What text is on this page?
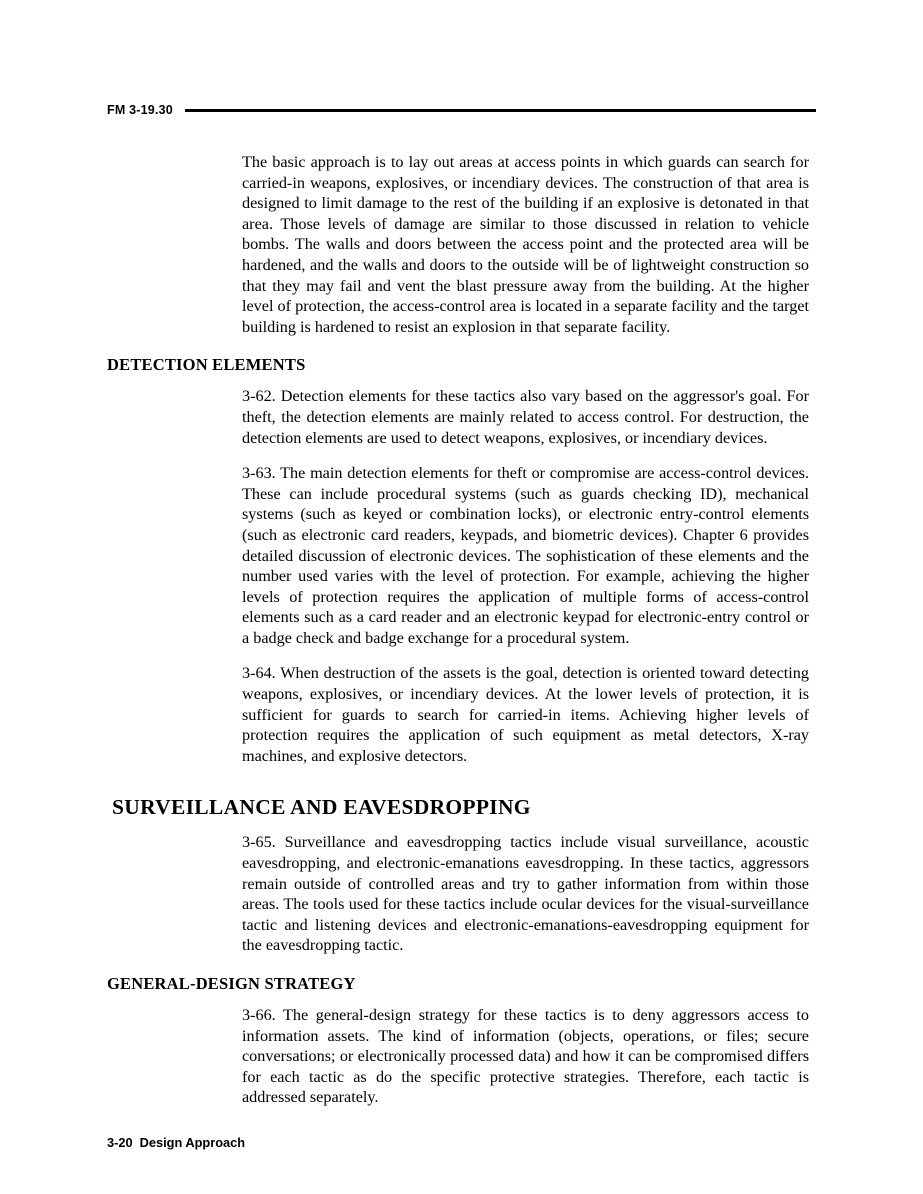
FM 3-19.30

The basic approach is to lay out areas at access points in which guards can search for carried-in weapons, explosives, or incendiary devices. The construction of that area is designed to limit damage to the rest of the building if an explosive is detonated in that area. Those levels of damage are similar to those discussed in relation to vehicle bombs. The walls and doors between the access point and the protected area will be hardened, and the walls and doors to the outside will be of lightweight construction so that they may fail and vent the blast pressure away from the building. At the higher level of protection, the access-control area is located in a separate facility and the target building is hardened to resist an explosion in that separate facility.

DETECTION ELEMENTS

3-62. Detection elements for these tactics also vary based on the aggressor's goal. For theft, the detection elements are mainly related to access control. For destruction, the detection elements are used to detect weapons, explosives, or incendiary devices.

3-63. The main detection elements for theft or compromise are access-control devices. These can include procedural systems (such as guards checking ID), mechanical systems (such as keyed or combination locks), or electronic entry-control elements (such as electronic card readers, keypads, and biometric devices). Chapter 6 provides detailed discussion of electronic devices. The sophistication of these elements and the number used varies with the level of protection. For example, achieving the higher levels of protection requires the application of multiple forms of access-control elements such as a card reader and an electronic keypad for electronic-entry control or a badge check and badge exchange for a procedural system.

3-64. When destruction of the assets is the goal, detection is oriented toward detecting weapons, explosives, or incendiary devices. At the lower levels of protection, it is sufficient for guards to search for carried-in items. Achieving higher levels of protection requires the application of such equipment as metal detectors, X-ray machines, and explosive detectors.

SURVEILLANCE AND EAVESDROPPING

3-65. Surveillance and eavesdropping tactics include visual surveillance, acoustic eavesdropping, and electronic-emanations eavesdropping. In these tactics, aggressors remain outside of controlled areas and try to gather information from within those areas. The tools used for these tactics include ocular devices for the visual-surveillance tactic and listening devices and electronic-emanations-eavesdropping equipment for the eavesdropping tactic.

GENERAL-DESIGN STRATEGY

3-66. The general-design strategy for these tactics is to deny aggressors access to information assets. The kind of information (objects, operations, or files; secure conversations; or electronically processed data) and how it can be compromised differs for each tactic as do the specific protective strategies. Therefore, each tactic is addressed separately.

3-20 Design Approach
